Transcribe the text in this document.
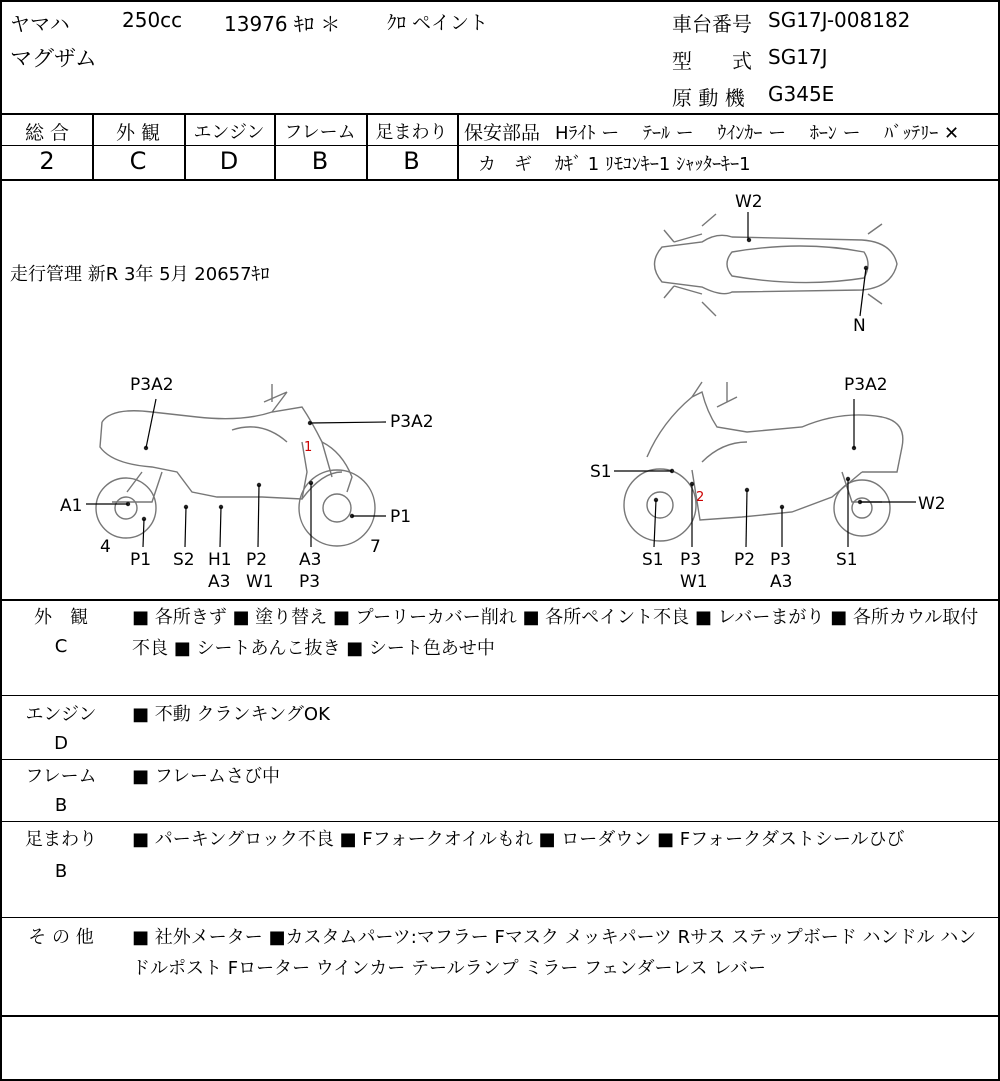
ヤマハ	250cc 13976 ｷﾛ ＊ ｸﾛ ペイント
マグザム
車台番号 SG17J-008182
型　　式 SG17J
原 動 機 G345E
総 合
2
外 観
C
エンジン
D
フレーム
B
足まわり
B
保安部品 Hﾗｲﾄ ー　 ﾃｰﾙ ー 　ｳｲﾝｶｰ ー 　ﾎｰﾝ ー 　ﾊﾞｯﾃﾘｰ ✕
カ　ギ ｶｷﾞ 1 ﾘﾓｺﾝｷｰ1 ｼｬｯﾀｰｷｰ1
走行管理 新R 3年 5月 20657ｷﾛ
W2
N
P3A2
P3A2
A1
P1
4	7
P1 S2 H1
A3
P2
W1
A3
P3
1
P3A2
S1
W2
S1 P3
W1
P2 P3
A3
S1
2
外　観
C
■ 各所きず ■ 塗り替え ■ プーリーカバー削れ ■ 各所ペイント不良 ■ レバーまがり ■ 各所カウル取付不良 ■ シートあんこ抜き ■ シート色あせ中
エンジン
D
■ 不動 クランキングOK
フレーム
B
■ フレームさび中
足まわり
B
■ パーキングロック不良 ■ Fフォークオイルもれ ■ ローダウン ■ Fフォークダストシールひび
そ の 他	■ 社外メーター ■カスタムパーツ:マフラー Fマスク メッキパーツ Rサス ステップボード ハンドル ハンドルポスト Fローター ウインカー テールランプ ミラー フェンダーレス レバー
